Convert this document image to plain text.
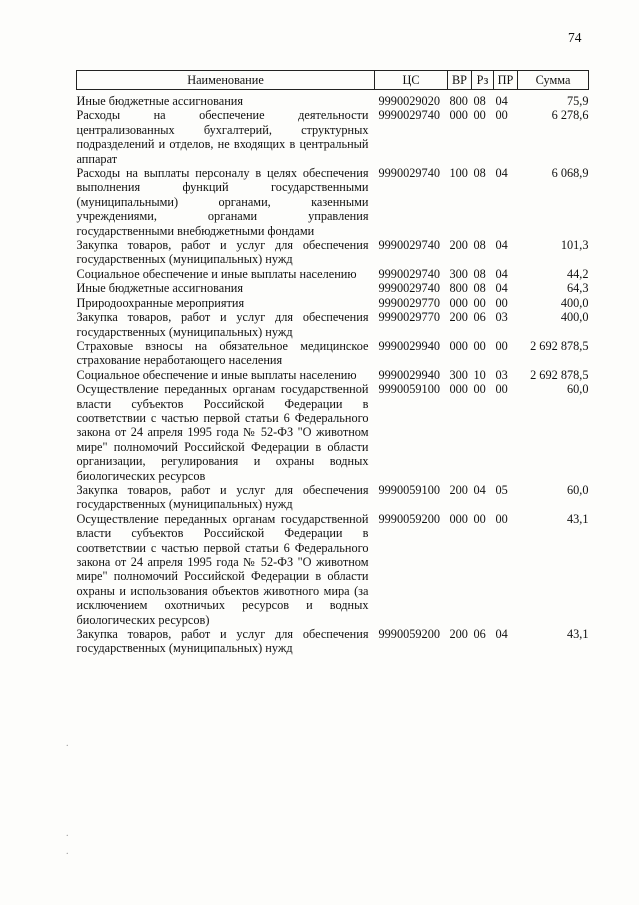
74
Наименование	ЦС	ВР	Рз	ПР	Сумма
Иные бюджетные ассигнования	9990029020	800	08	04	75,9
Расходы на обеспечение деятельности централизованных бухгалтерий, структурных подразделений и отделов, не входящих в центральный аппарат	9990029740	000	00	00	6 278,6
Расходы на выплаты персоналу в целях обеспечения выполнения функций государственными (муниципальными) органами, казенными учреждениями, органами управления государственными внебюджетными фондами	9990029740	100	08	04	6 068,9
Закупка товаров, работ и услуг для обеспечения государственных (муниципальных) нужд	9990029740	200	08	04	101,3
Социальное обеспечение и иные выплаты населению	9990029740	300	08	04	44,2
Иные бюджетные ассигнования	9990029740	800	08	04	64,3
Природоохранные мероприятия	9990029770	000	00	00	400,0
Закупка товаров, работ и услуг для обеспечения государственных (муниципальных) нужд	9990029770	200	06	03	400,0
Страховые взносы на обязательное медицинское страхование неработающего населения	9990029940	000	00	00	2 692 878,5
Социальное обеспечение и иные выплаты населению	9990029940	300	10	03	2 692 878,5
Осуществление переданных органам государственной власти субъектов Российской Федерации в соответствии с частью первой статьи 6 Федерального закона от 24 апреля 1995 года № 52-ФЗ "О животном мире" полномочий Российской Федерации в области организации, регулирования и охраны водных биологических ресурсов	9990059100	000	00	00	60,0
Закупка товаров, работ и услуг для обеспечения государственных (муниципальных) нужд	9990059100	200	04	05	60,0
Осуществление переданных органам государственной власти субъектов Российской Федерации в соответствии с частью первой статьи 6 Федерального закона от 24 апреля 1995 года № 52-ФЗ "О животном мире" полномочий Российской Федерации в области охраны и использования объектов животного мира (за исключением охотничьих ресурсов и водных биологических ресурсов)	9990059200	000	00	00	43,1
Закупка товаров, работ и услуг для обеспечения государственных (муниципальных) нужд	9990059200	200	06	04	43,1
.
.
.
